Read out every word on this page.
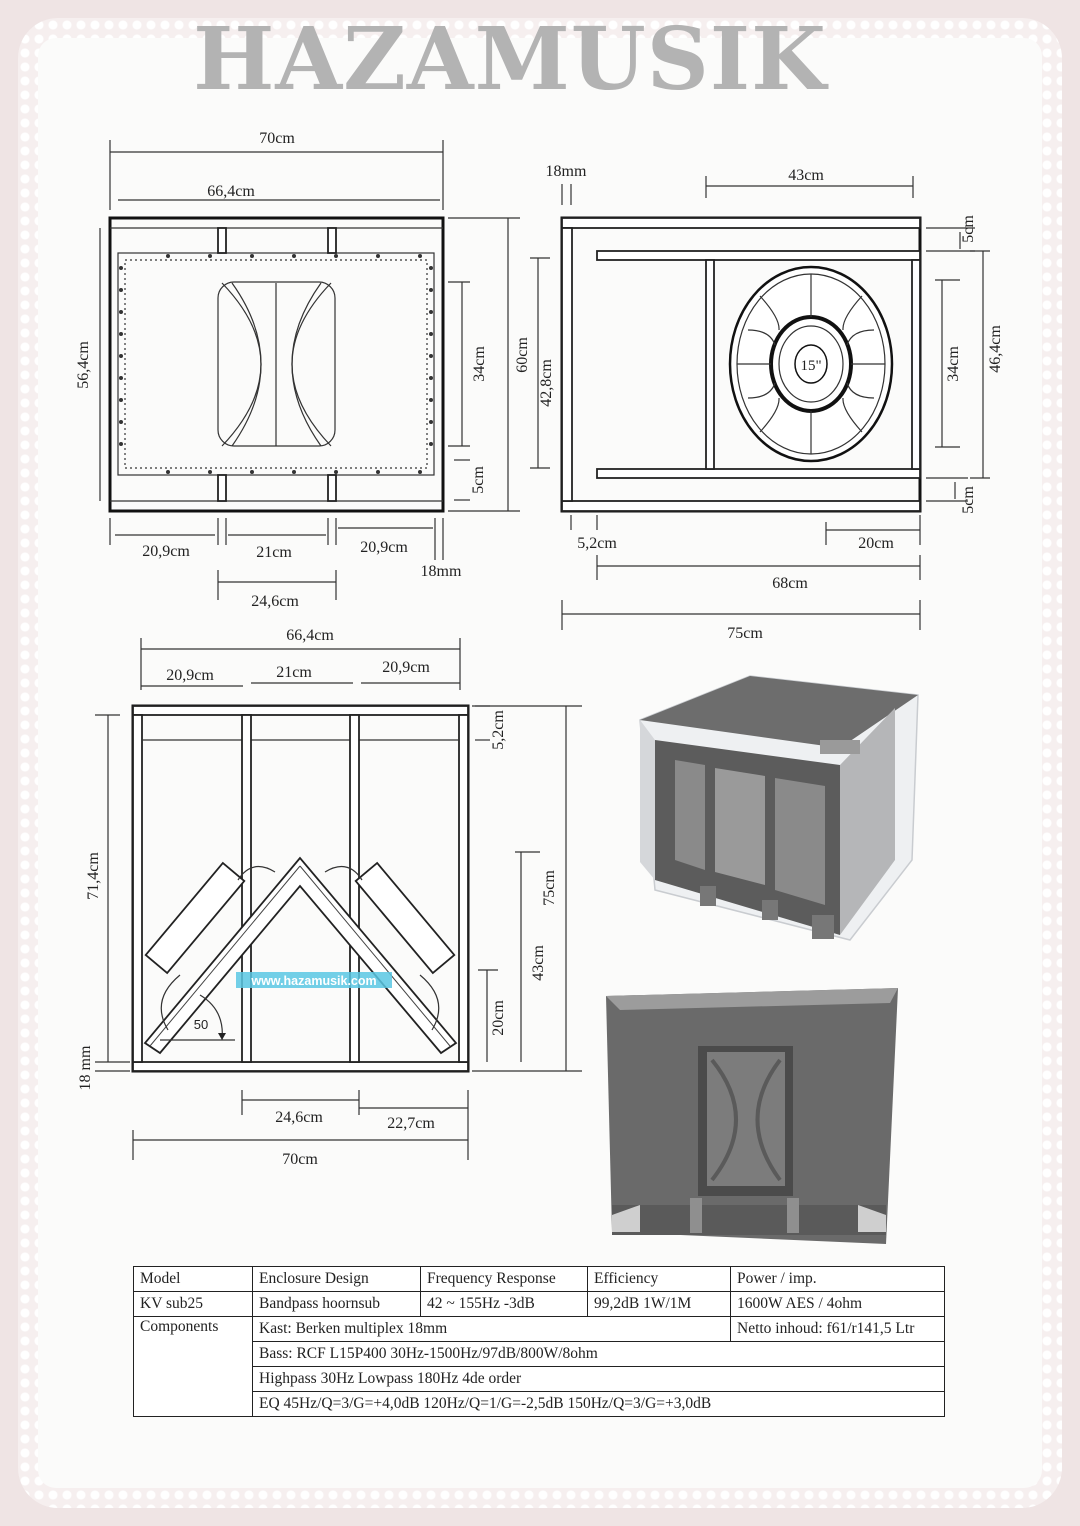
HAZAMUSIK
70cm
66,4cm
60cm
42,8cm
34cm
5cm
56,4cm
20,9cm	21cm	20,9cm
18mm
24,6cm
18mm	43cm
15"
5cm
34cm 46,4cm
5cm
5,2cm	20cm
68cm
75cm
66,4cm
20,9cm	21cm	20,9cm
50
5,2cm
75cm
43cm
20cm
71,4cm
18 mm
24,6cm	22,7cm
70cm
www.hazamusik.com
Model	Enclosure Design	Frequency Response	Efficiency	Power / imp.
KV sub25	Bandpass hoornsub	42 ~ 155Hz -3dB	99,2dB 1W/1M	1600W AES / 4ohm
Components	Kast: Berken multiplex 18mm			Netto inhoud: f61/r141,5 Ltr
	Bass: RCF L15P400 30Hz-1500Hz/97dB/800W/8ohm			
	Highpass 30Hz Lowpass 180Hz 4de order			
	EQ 45Hz/Q=3/G=+4,0dB 120Hz/Q=1/G=-2,5dB 150Hz/Q=3/G=+3,0dB			
